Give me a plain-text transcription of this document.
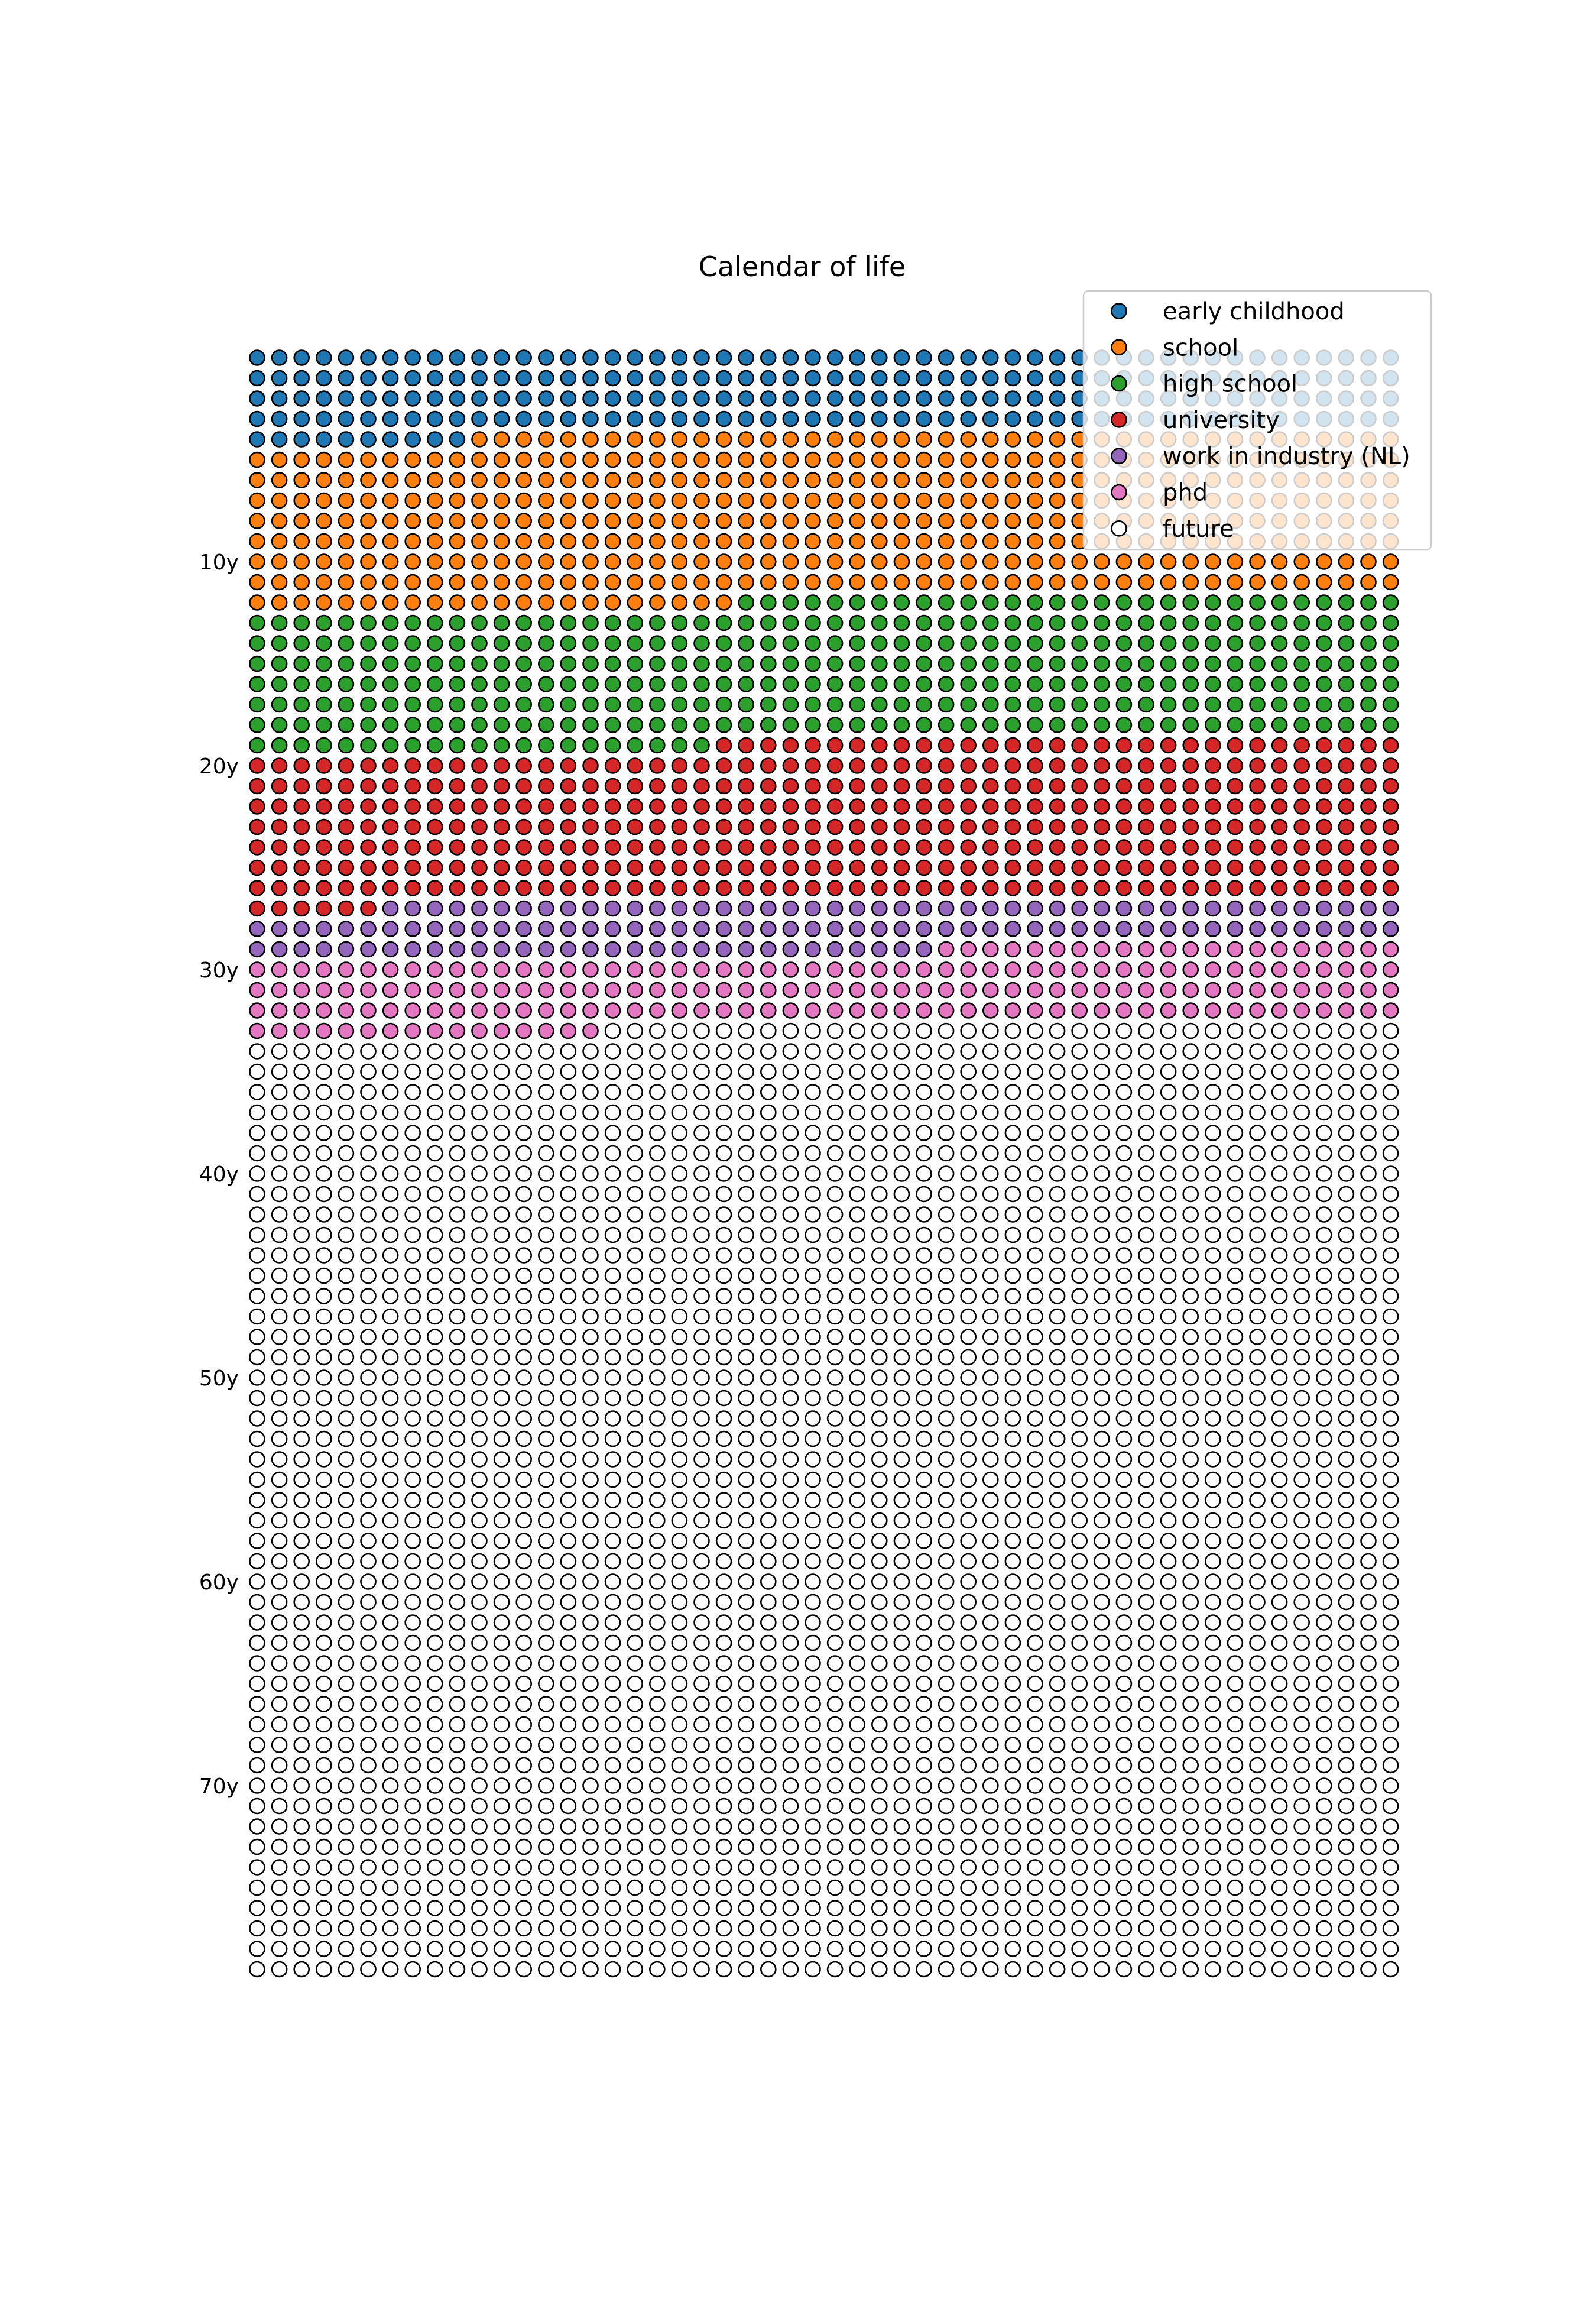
Calendar of life
10y
20y
30y
40y
50y
60y
70y
early childhood
school
high school
university
work in industry (NL)
phd
future
